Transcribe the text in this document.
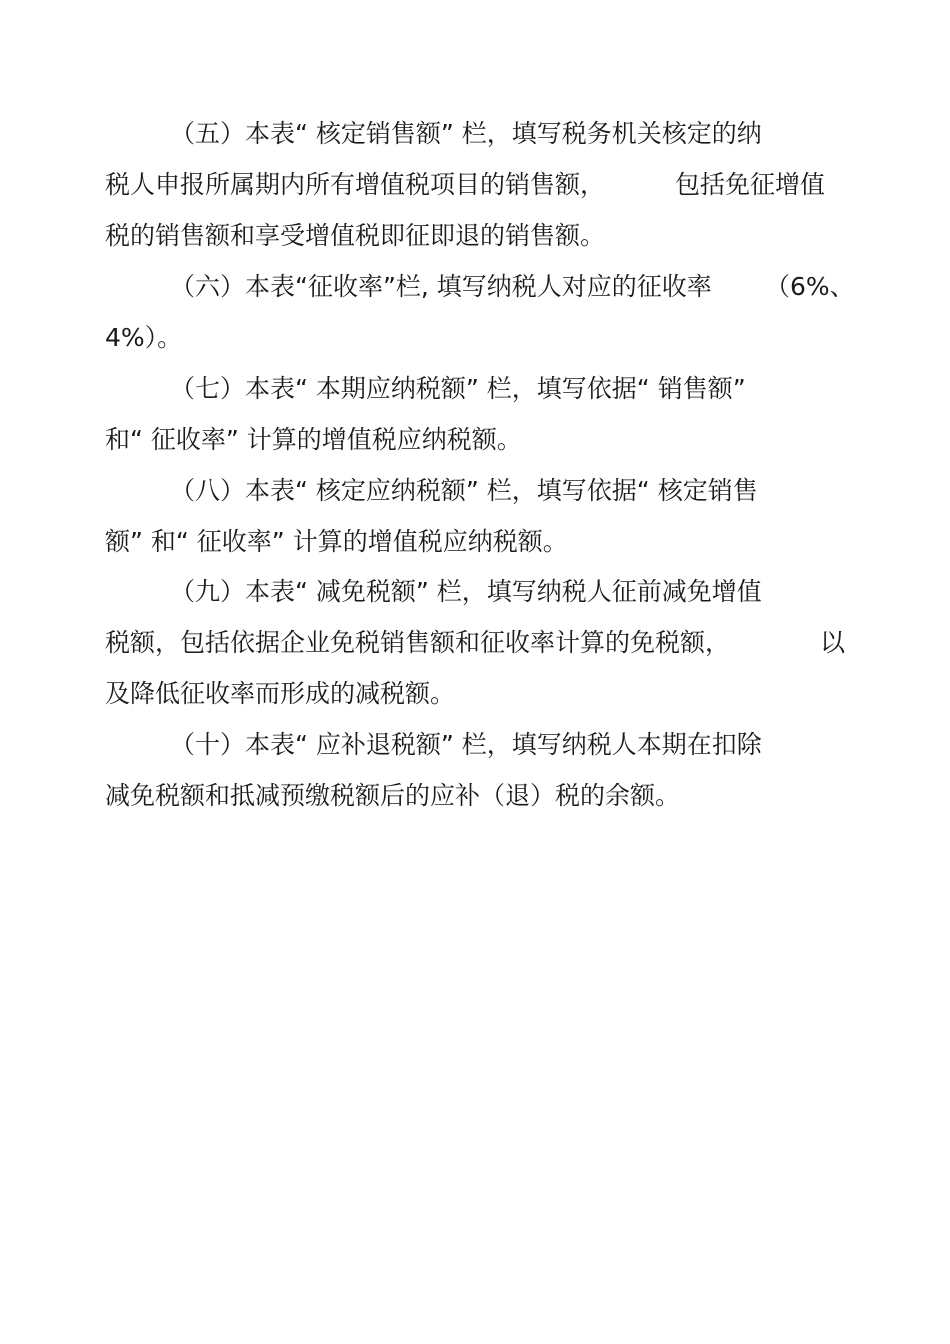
（五）本表“ 核定销售额” 栏，填写税务机关核定的纳
税人申报所属期内所有增值税项目的销售额，	包括免征增值
税的销售额和享受增值税即征即退的销售额。
（六）本表“征收率”栏, 填写纳税人对应的征收率 （6%、
4%）。
（七）本表“ 本期应纳税额” 栏，填写依据“ 销售额”
和“ 征收率” 计算的增值税应纳税额。
（八）本表“ 核定应纳税额” 栏，填写依据“ 核定销售
额” 和“ 征收率” 计算的增值税应纳税额。
（九）本表“ 减免税额” 栏，填写纳税人征前减免增值
税额，包括依据企业免税销售额和征收率计算的免税额，	以
及降低征收率而形成的减税额。
（十）本表“ 应补退税额” 栏，填写纳税人本期在扣除
减免税额和抵减预缴税额后的应补（退）税的余额。
